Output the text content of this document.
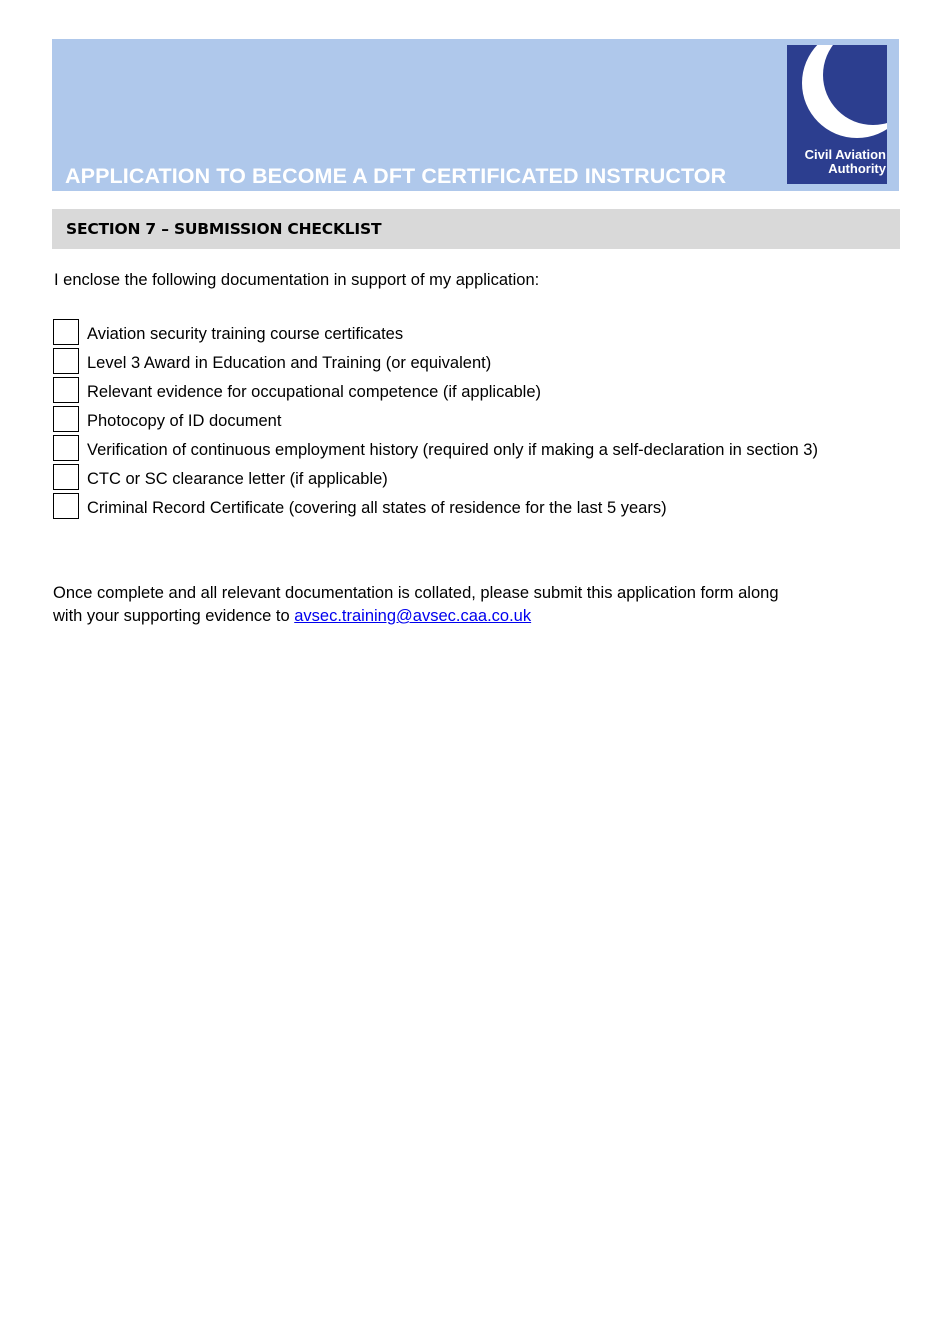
APPLICATION TO BECOME A DFT CERTIFICATED INSTRUCTOR
Civil Aviation
Authority
SECTION 7 – SUBMISSION CHECKLIST
I enclose the following documentation in support of my application:
Aviation security training course certificates
Level 3 Award in Education and Training (or equivalent)
Relevant evidence for occupational competence (if applicable)
Photocopy of ID document
Verification of continuous employment history (required only if making a self-declaration in section 3)
CTC or SC clearance letter (if applicable)
Criminal Record Certificate (covering all states of residence for the last 5 years)

Once complete and all relevant documentation is collated, please submit this application form along

with your supporting evidence to avsec.training@avsec.caa.co.uk
